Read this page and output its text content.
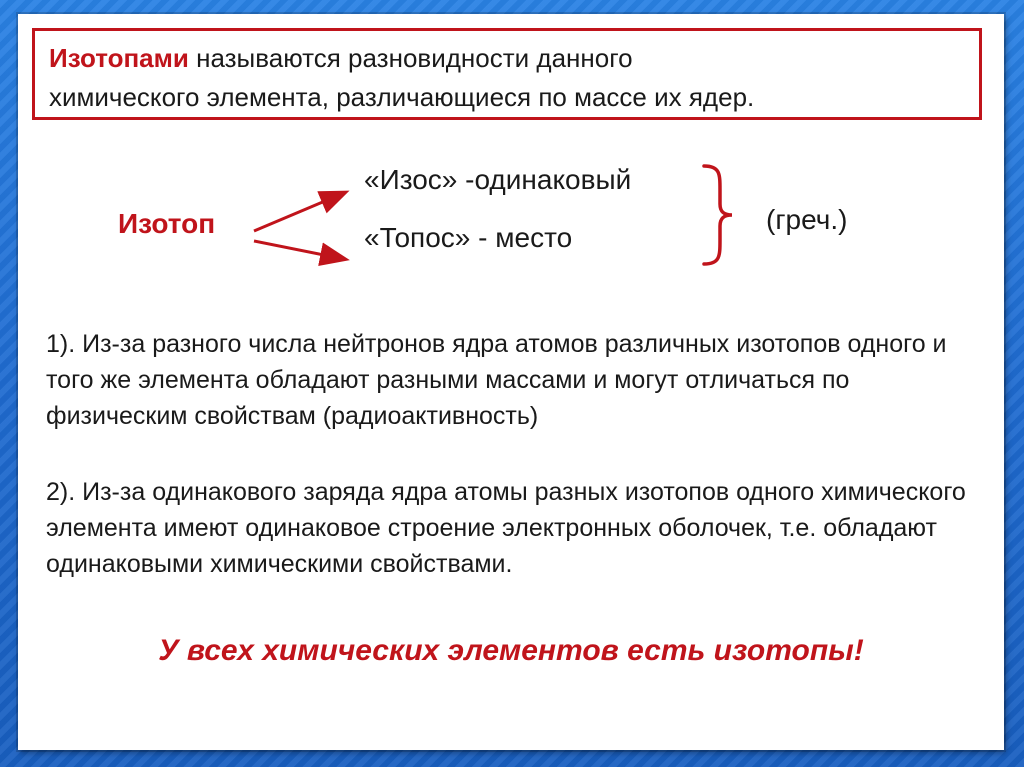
Изотопами называются разновидности данного
химического элемента, различающиеся по массе их ядер.
Изотоп
«Изос» -одинаковый
«Топос» - место
(греч.)
1). Из-за разного числа нейтронов ядра атомов различных изотопов одного и того же элемента обладают разными массами и могут отличаться по физическим свойствам (радиоактивность)
2). Из-за одинакового заряда ядра атомы разных изотопов одного химического элемента имеют одинаковое строение электронных оболочек, т.е. обладают одинаковыми химическими свойствами.
У всех химических элементов есть изотопы!
